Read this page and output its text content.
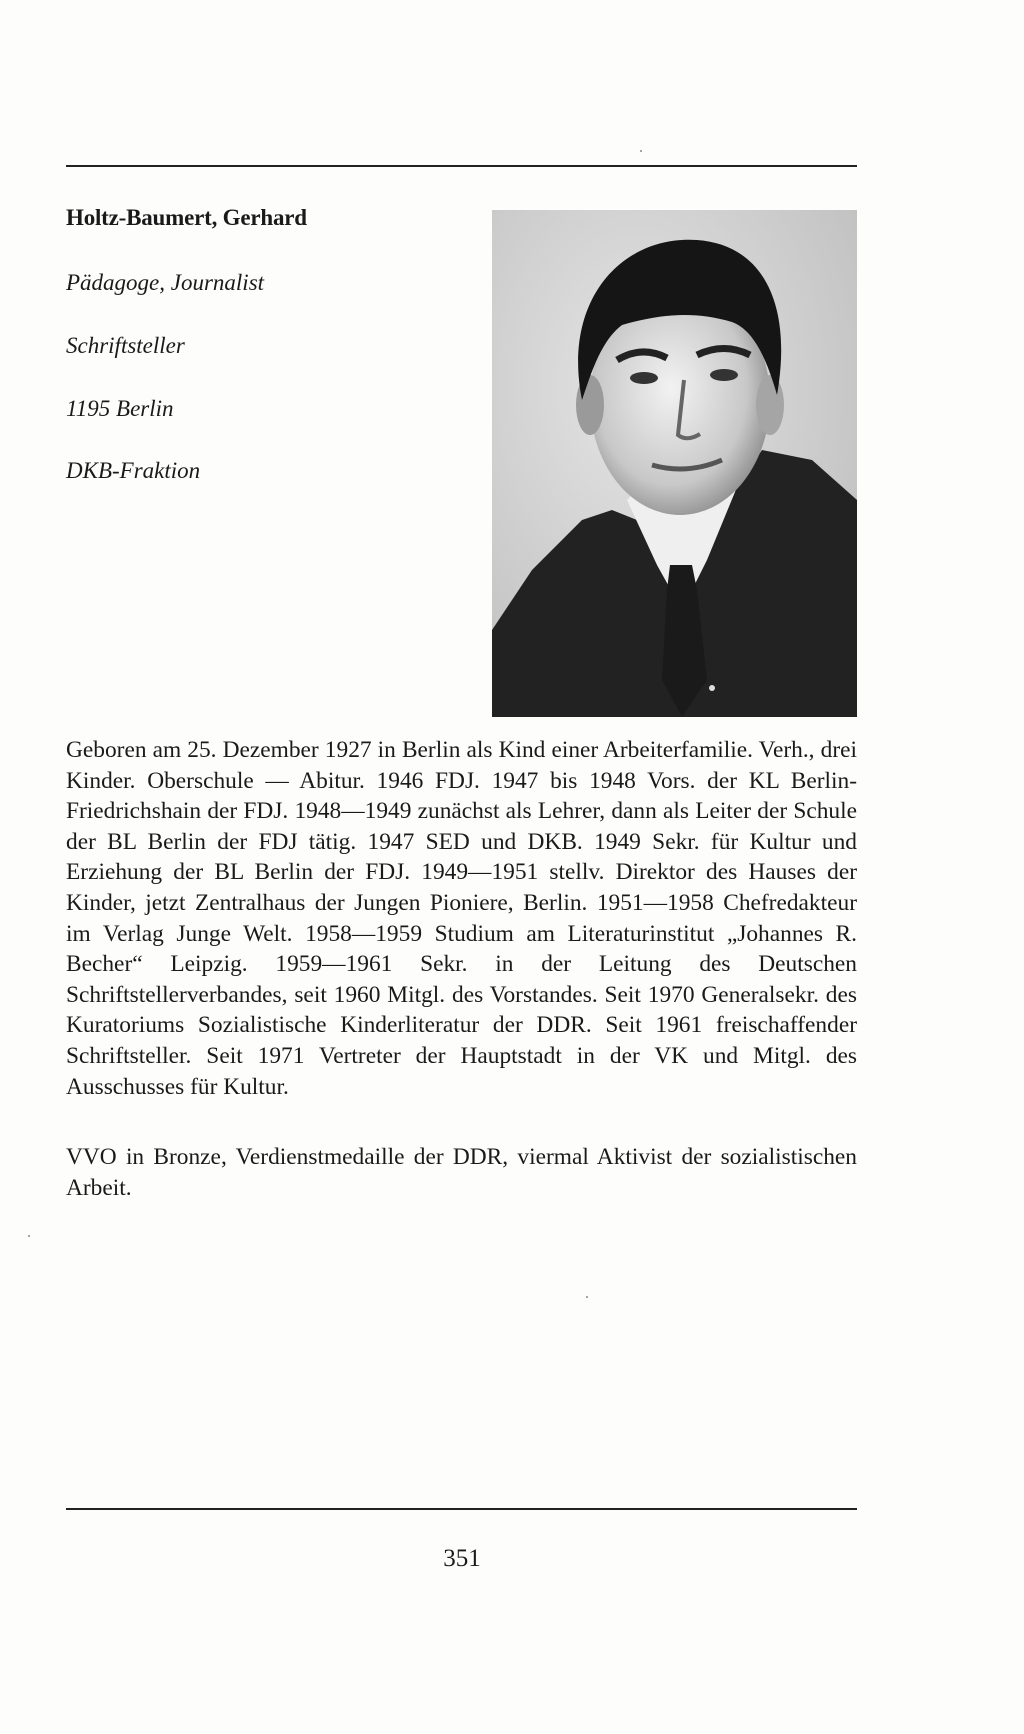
Holtz-Baumert, Gerhard
Pädagoge, Journalist
Schriftsteller
1195 Berlin
DKB-Fraktion

Geboren am 25. Dezember 1927 in Berlin als Kind einer Arbeiterfamilie. Verh., drei Kinder. Oberschule — Abitur. 1946 FDJ. 1947 bis 1948 Vors. der KL Berlin-Friedrichshain der FDJ. 1948—1949 zunächst als Lehrer, dann als Leiter der Schule der BL Berlin der FDJ tätig. 1947 SED und DKB. 1949 Sekr. für Kultur und Erziehung der BL Berlin der FDJ. 1949—1951 stellv. Direktor des Hauses der Kinder, jetzt Zentralhaus der Jungen Pioniere, Berlin. 1951—1958 Chefredakteur im Verlag Junge Welt. 1958—1959 Studium am Literaturinstitut „Johannes R. Becher“ Leipzig. 1959—1961 Sekr. in der Leitung des Deutschen Schriftstellerverbandes, seit 1960 Mitgl. des Vorstandes. Seit 1970 Generalsekr. des Kuratoriums Sozialistische Kinderliteratur der DDR. Seit 1961 freischaffender Schriftsteller. Seit 1971 Vertreter der Hauptstadt in der VK und Mitgl. des Ausschusses für Kultur.

VVO in Bronze, Verdienstmedaille der DDR, viermal Aktivist der sozialistischen Arbeit.

351
